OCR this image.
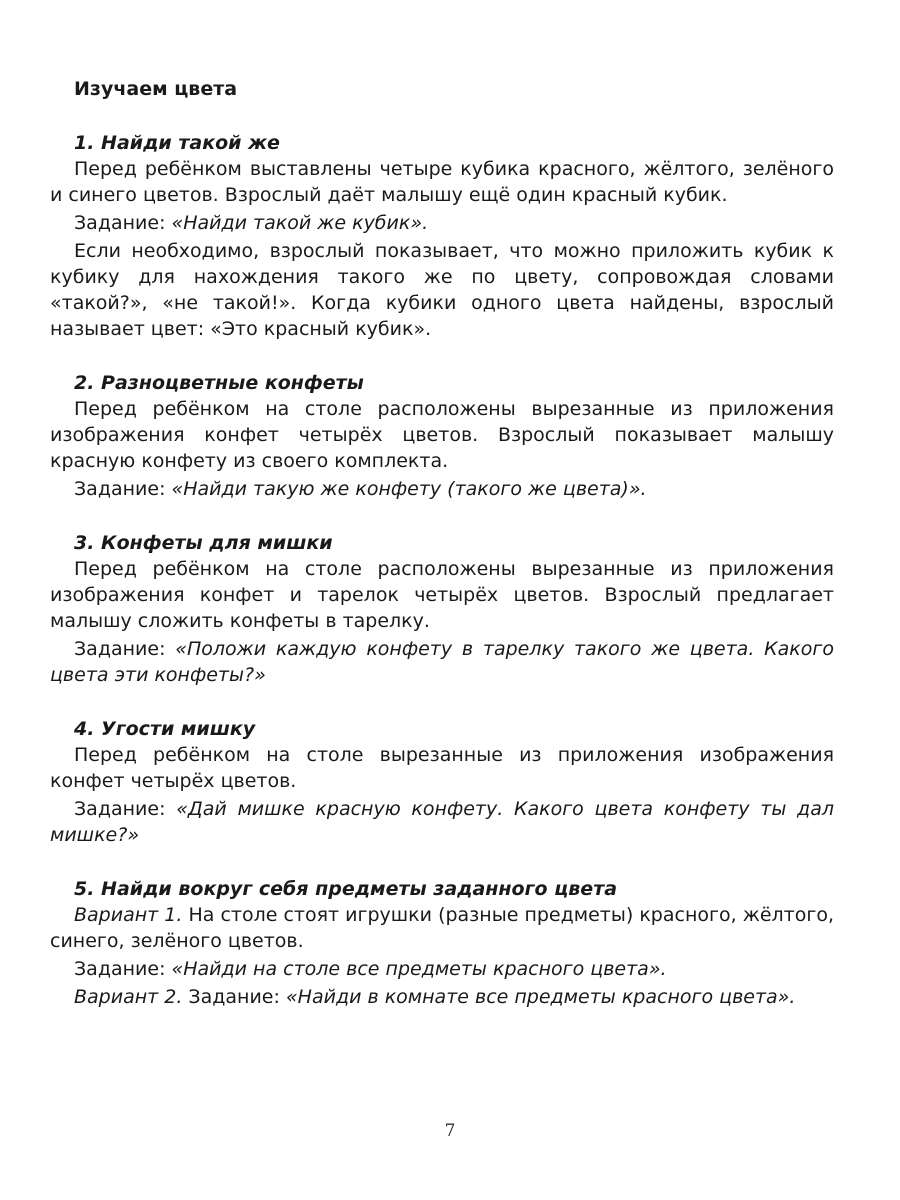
Изучаем цвета
1. Найди такой же

Перед ребёнком выставлены четыре кубика красного, жёлтого, зелёного и синего цветов. Взрослый даёт малышу ещё один красный кубик.

Задание: «Найди такой же кубик».

Если необходимо, взрослый показывает, что можно приложить кубик к кубику для нахождения такого же по цвету, сопровождая словами «такой?», «не такой!». Когда кубики одного цвета найдены, взрослый называет цвет: «Это красный кубик».

2. Разноцветные конфеты

Перед ребёнком на столе расположены вырезанные из приложения изображения конфет четырёх цветов. Взрослый показывает малышу красную конфету из своего комплекта.

Задание: «Найди такую же конфету (такого же цвета)».

3. Конфеты для мишки

Перед ребёнком на столе расположены вырезанные из приложения изображения конфет и тарелок четырёх цветов. Взрослый предлагает малышу сложить конфеты в тарелку.

Задание: «Положи каждую конфету в тарелку такого же цвета. Какого цвета эти конфеты?»

4. Угости мишку

Перед ребёнком на столе вырезанные из приложения изображения конфет четырёх цветов.

Задание: «Дай мишке красную конфету. Какого цвета конфету ты дал мишке?»

5. Найди вокруг себя предметы заданного цвета

Вариант 1. На столе стоят игрушки (разные предметы) красного, жёлтого, синего, зелёного цветов.

Задание: «Найди на столе все предметы красного цвета».

Вариант 2. Задание: «Найди в комнате все предметы красного цвета».

7
